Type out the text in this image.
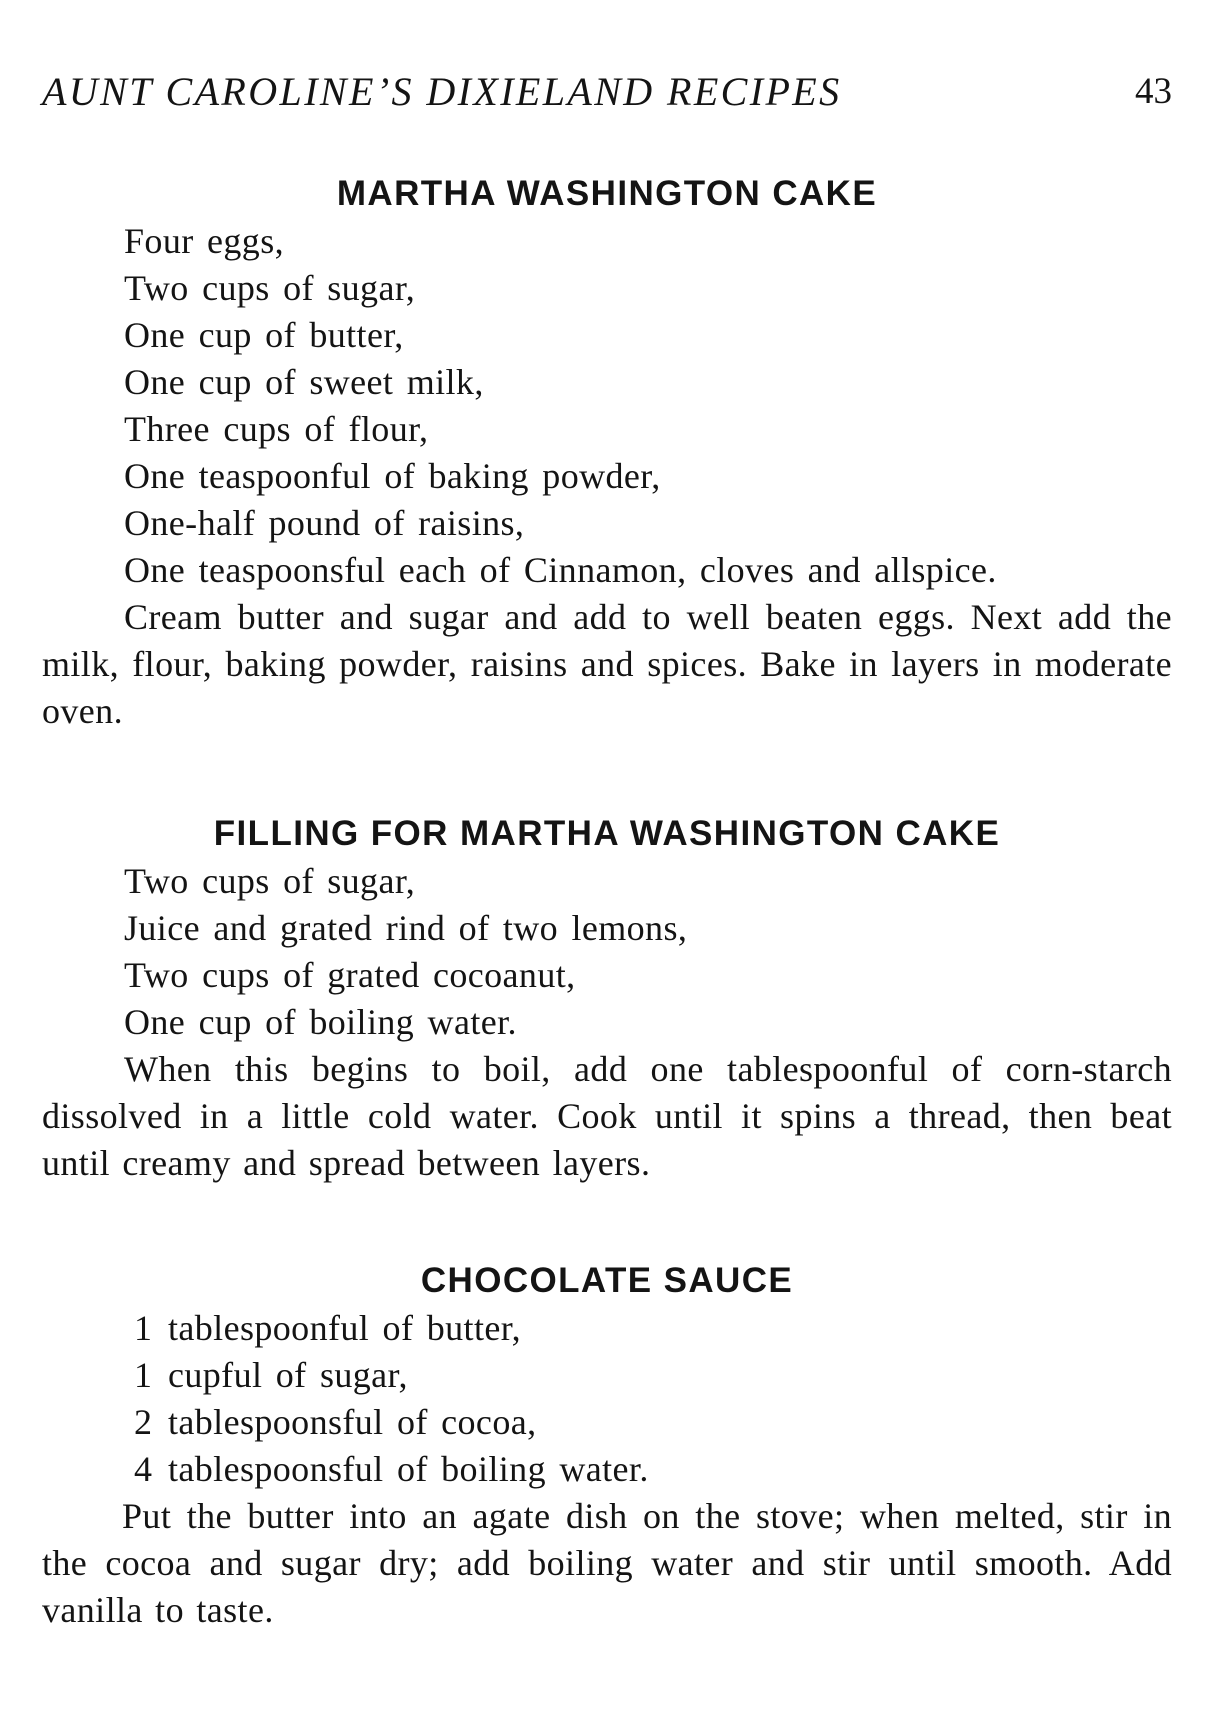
AUNT CAROLINE’S DIXIELAND RECIPES	43
MARTHA WASHINGTON CAKE
Four eggs,
Two cups of sugar,
One cup of butter,
One cup of sweet milk,
Three cups of flour,
One teaspoonful of baking powder,
One-half pound of raisins,
One teaspoonsful each of Cinnamon, cloves and allspice.

Cream butter and sugar and add to well beaten eggs. Next add the milk, flour, baking powder, raisins and spices. Bake in layers in moderate oven.

FILLING FOR MARTHA WASHINGTON CAKE
Two cups of sugar,
Juice and grated rind of two lemons,
Two cups of grated cocoanut,
One cup of boiling water.

When this begins to boil, add one tablespoonful of corn-starch dissolved in a little cold water. Cook until it spins a thread, then beat until creamy and spread between layers.

CHOCOLATE SAUCE
1 tablespoonful of butter,
1 cupful of sugar,
2 tablespoonsful of cocoa,
4 tablespoonsful of boiling water.

Put the butter into an agate dish on the stove; when melted, stir in the cocoa and sugar dry; add boiling water and stir until smooth. Add vanilla to taste.
